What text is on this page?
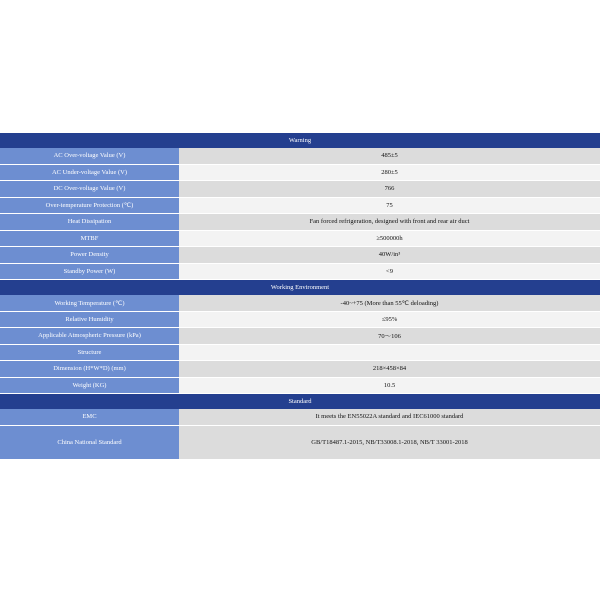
Warning
AC Over-voltage Value (V)	485±5
AC Under-voltage Value (V)	280±5
DC Over-voltage Value (V)	766
Over-temperature Protection (℃)	75
Heat Dissipation	Fan forced refrigeration, designed with front and rear air duct
MTBF	≥500000h
Power Density	40W/in³
Standby Power (W)	<9
Working Environment
Working Temperature (℃)	-40~+75 (More than 55℃ deloading)
Relative Humidity	≤95%
Applicable Atmospheric Pressure (kPa)	70～106
Structure
Dimension (H*W*D) (mm)	218×458×84
Weight (KG)	10.5
Standard
EMC	It meets the EN55022A standard and IEC61000 standard
China National Standard	GB/T18487.1-2015, NB/T33008.1-2018, NB/T 33001-2018
